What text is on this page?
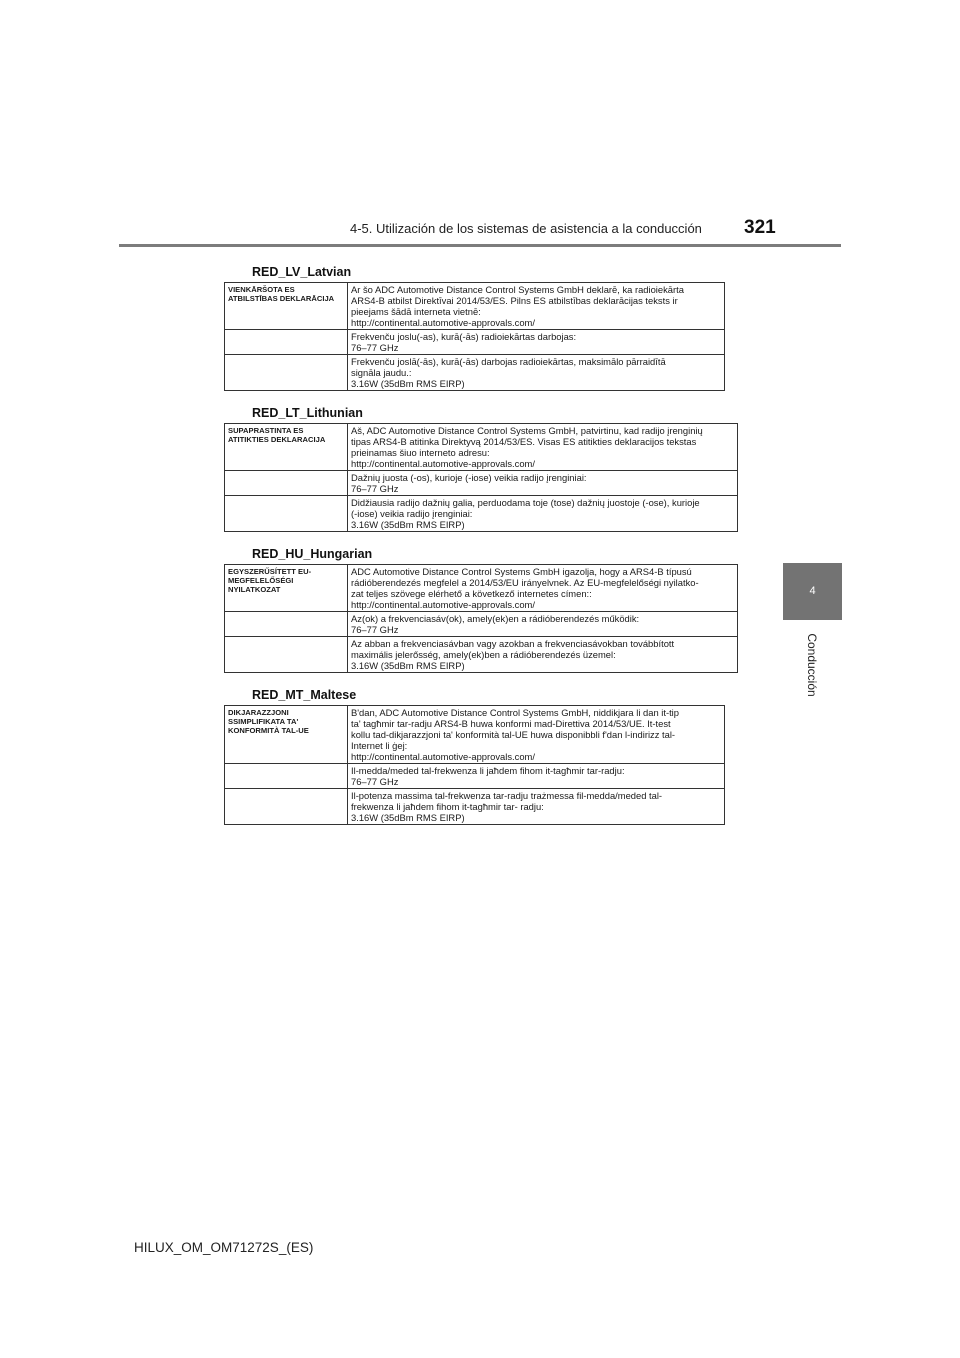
4-5. Utilización de los sistemas de asistencia a la conducción 321
4
Conducción
RED_LV_Latvian
VIENKĀRŠOTA ES ATBILSTĪBAS DEKLARĀCIJA	Ar šo ADC Automotive Distance Control Systems GmbH deklarē, ka radioiekārta
ARS4-B atbilst Direktīvai 2014/53/ES. Pilns ES atbilstības deklarācijas teksts ir
pieejams šādā interneta vietnē:
http://continental.automotive-approvals.com/
	Frekvenču joslu(-as), kurā(-ās) radioiekārtas darbojas:
76–77 GHz
	Frekvenču joslā(-ās), kurā(-ās) darbojas radioiekārtas, maksimālo pārraidītā
signāla jaudu.:
3.16W (35dBm RMS EIRP)
RED_LT_Lithunian
SUPAPRASTINTA ES ATITIKTIES DEKLARACIJA	Aš, ADC Automotive Distance Control Systems GmbH, patvirtinu, kad radijo įrenginių
tipas ARS4-B atitinka Direktyvą 2014/53/ES. Visas ES atitikties deklaracijos tekstas
prieinamas šiuo interneto adresu:
http://continental.automotive-approvals.com/
	Dažnių juosta (-os), kurioje (-iose) veikia radijo įrenginiai:
76–77 GHz
	Didžiausia radijo dažnių galia, perduodama toje (tose) dažnių juostoje (-ose), kurioje
(-iose) veikia radijo įrenginiai:
3.16W (35dBm RMS EIRP)
RED_HU_Hungarian
EGYSZERŰSÍTETT EU-MEGFELELŐSÉGI NYILATKOZAT	ADC Automotive Distance Control Systems GmbH igazolja, hogy a ARS4-B típusú
rádióberendezés megfelel a 2014/53/EU irányelvnek. Az EU-megfelelőségi nyilatko-
zat teljes szövege elérhető a következő internetes címen::
http://continental.automotive-approvals.com/
	Az(ok) a frekvenciasáv(ok), amely(ek)en a rádióberendezés működik:
76–77 GHz
	Az abban a frekvenciasávban vagy azokban a frekvenciasávokban továbbított
maximális jelerősség, amely(ek)ben a rádióberendezés üzemel:
3.16W (35dBm RMS EIRP)
RED_MT_Maltese
DIKJARAZZJONI SSIMPLIFIKATA TA' KONFORMITÀ TAL-UE	B'dan, ADC Automotive Distance Control Systems GmbH, niddikjara li dan it-tip
ta' tagħmir tar-radju ARS4-B huwa konformi mad-Direttiva 2014/53/UE. It-test
kollu tad-dikjarazzjoni ta' konformità tal-UE huwa disponibbli f'dan l-indirizz tal-
Internet li ġej:
http://continental.automotive-approvals.com/
	Il-medda/meded tal-frekwenza li jaħdem fihom it-tagħmir tar-radju:
76–77 GHz
	Il-potenza massima tal-frekwenza tar-radju trażmessa fil-medda/meded tal-
frekwenza li jaħdem fihom it-tagħmir tar- radju:
3.16W (35dBm RMS EIRP)
HILUX_OM_OM71272S_(ES)
